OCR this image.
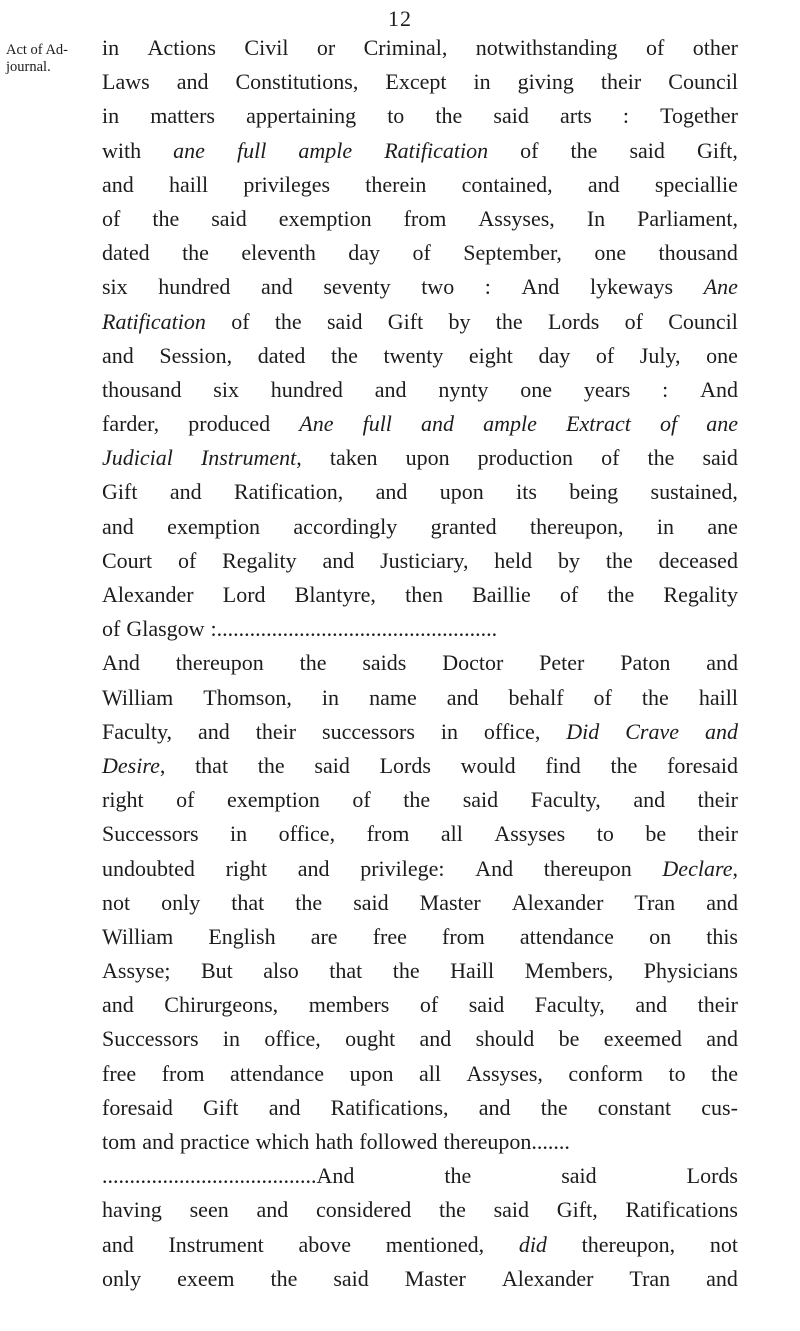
12
Act of Ad-
journal.
in Actions Civil or Criminal, notwithstanding of other
Laws and Constitutions, Except in giving their Council
in matters appertaining to the said arts : Together
with ane full ample Ratification of the said Gift,
and haill privileges therein contained, and speciallie
of the said exemption from Assyses, In Parliament,
dated the eleventh day of September, one thousand
six hundred and seventy two : And lykeways Ane
Ratification of the said Gift by the Lords of Council
and Session, dated the twenty eight day of July, one
thousand six hundred and nynty one years : And
farder, produced Ane full and ample Extract of ane
Judicial Instrument, taken upon production of the said
Gift and Ratification, and upon its being sustained,
and exemption accordingly granted thereupon, in ane
Court of Regality and Justiciary, held by the deceased
Alexander Lord Blantyre, then Baillie of the Regality
of Glasgow :...................................................
And thereupon the saids Doctor Peter Paton and
William Thomson, in name and behalf of the haill
Faculty, and their successors in office, Did Crave and
Desire, that the said Lords would find the foresaid
right of exemption of the said Faculty, and their
Successors in office, from all Assyses to be their
undoubted right and privilege: And thereupon Declare,
not only that the said Master Alexander Tran and
William English are free from attendance on this
Assyse; But also that the Haill Members, Physicians
and Chirurgeons, members of said Faculty, and their
Successors in office, ought and should be exeemed and
free from attendance upon all Assyses, conform to the
foresaid Gift and Ratifications, and the constant cus-
tom and practice which hath followed thereupon.......
.......................................And	the	said	Lords
having seen and considered the said Gift, Ratifications
and Instrument above mentioned, did thereupon, not
only exeem the said Master Alexander Tran and
